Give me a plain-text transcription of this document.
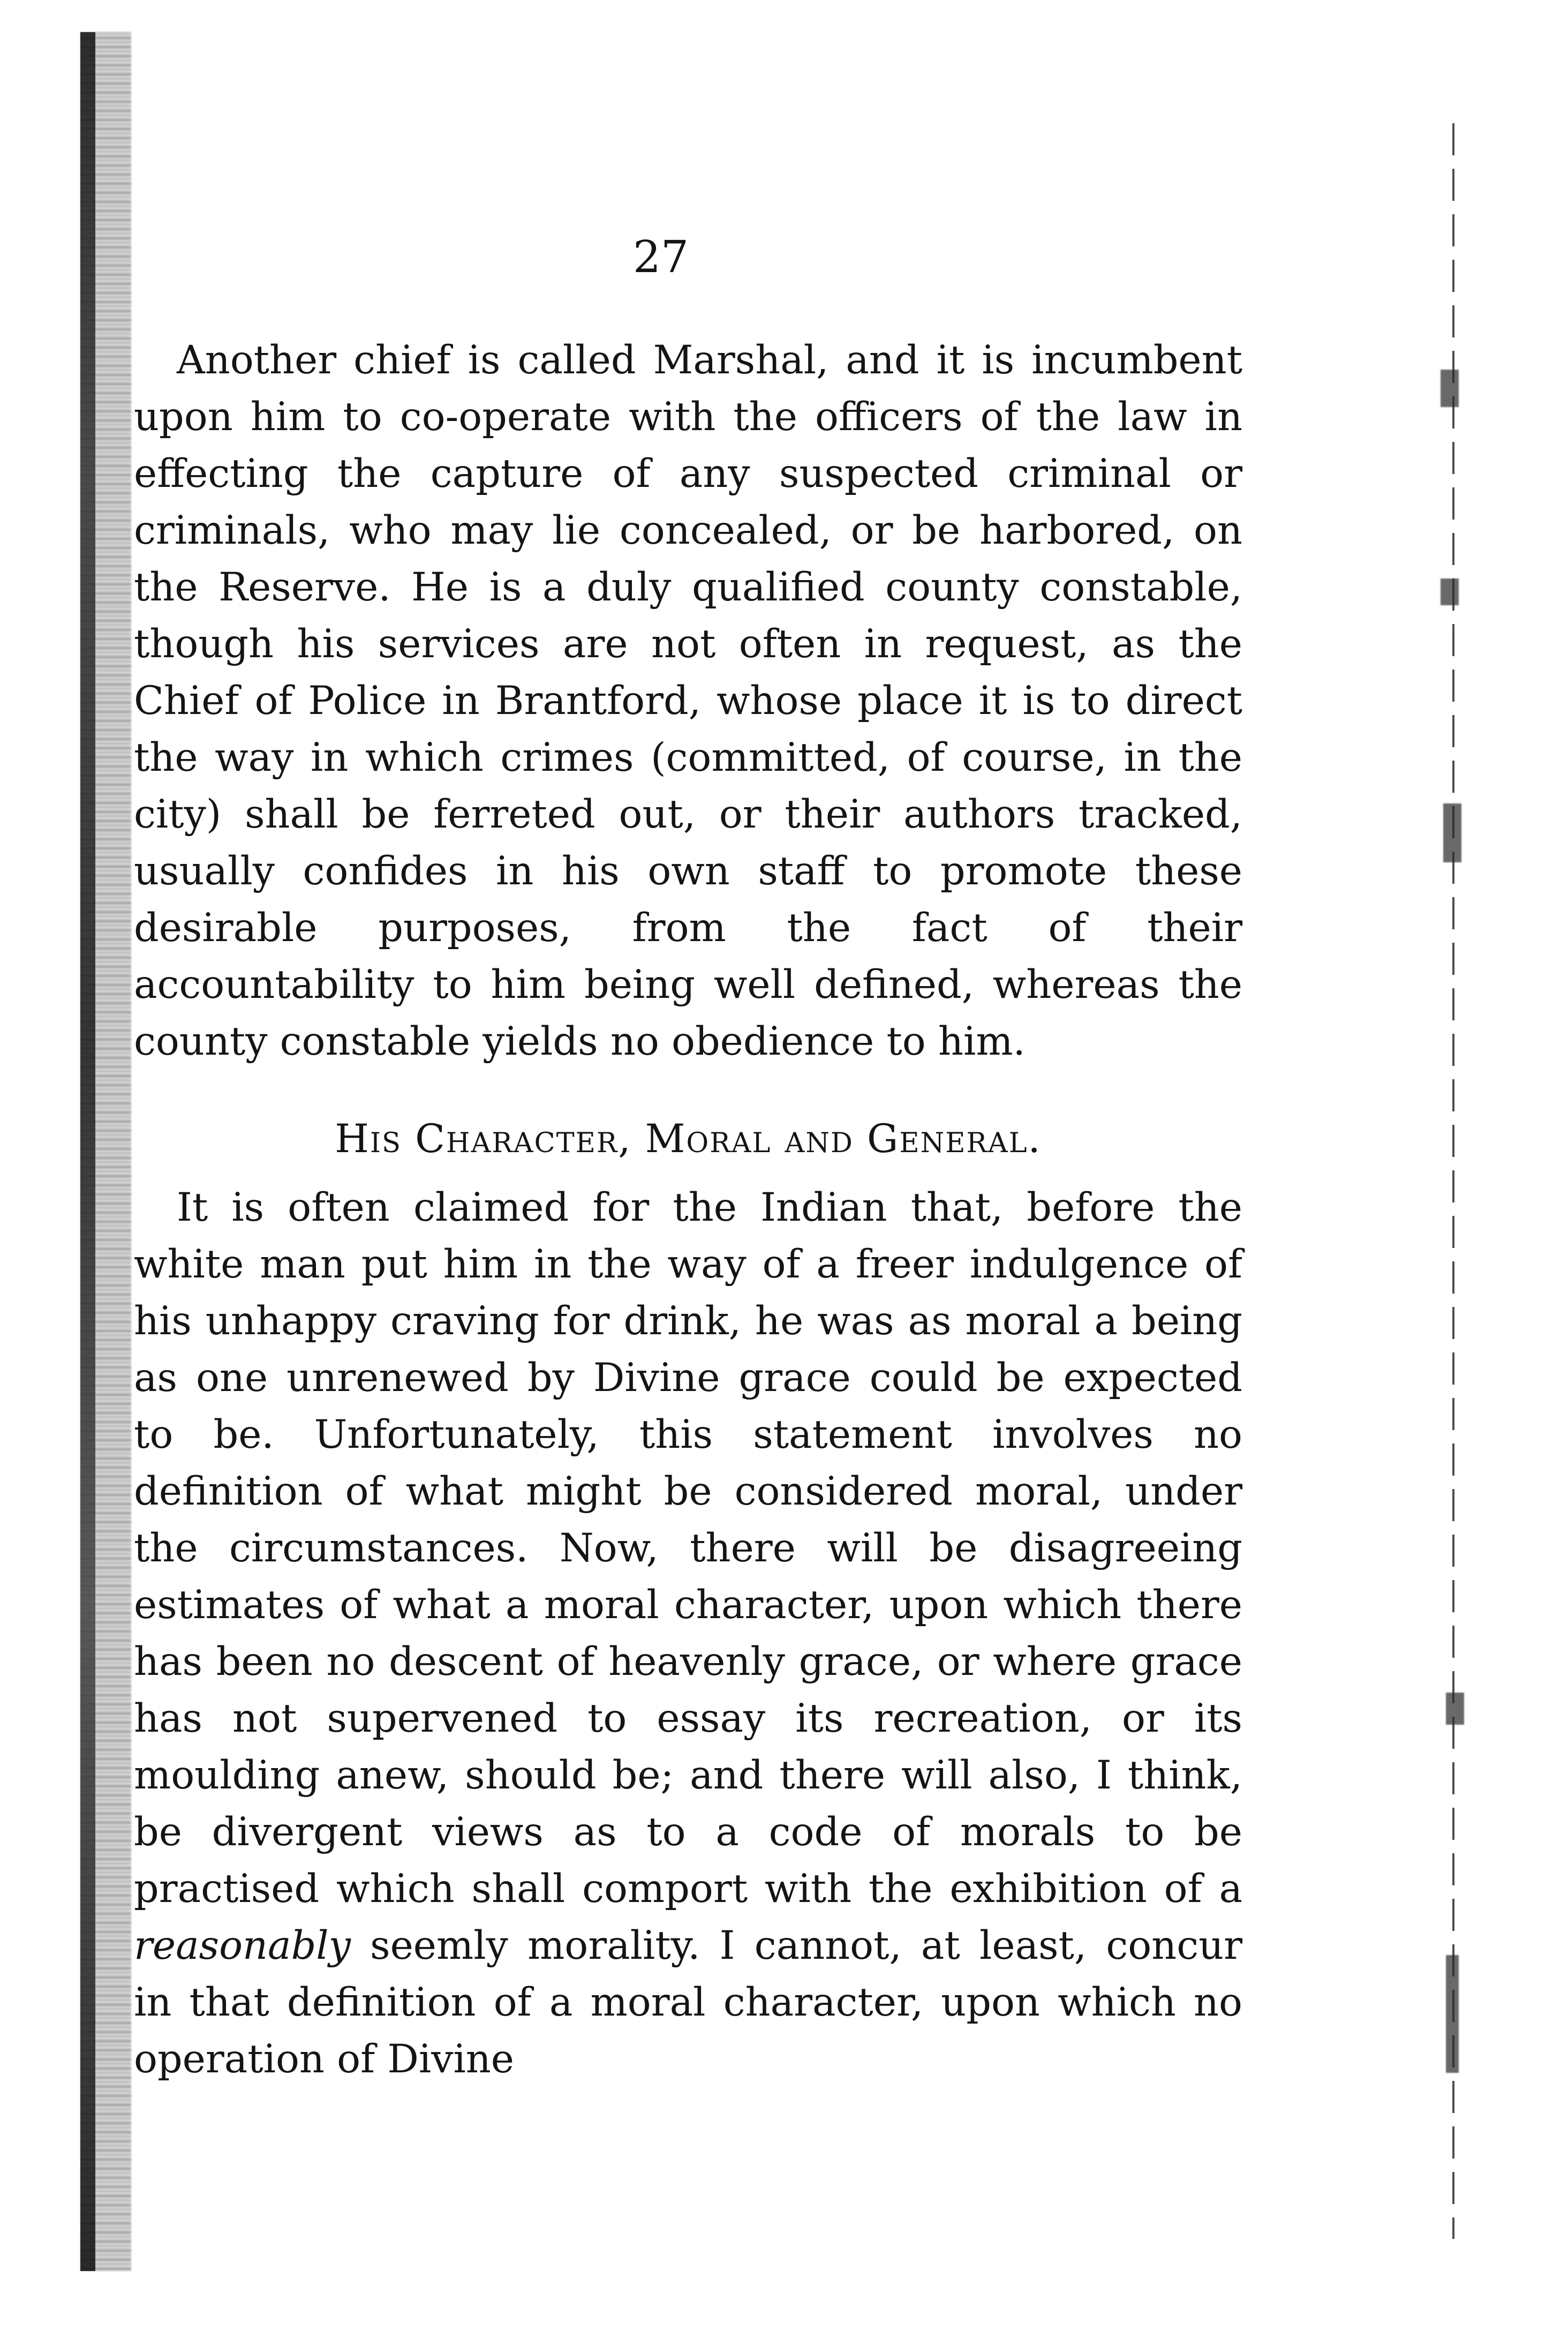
27

Another chief is called Marshal, and it is incumbent upon him to co-operate with the officers of the law in effecting the capture of any suspected criminal or criminals, who may lie concealed, or be harbored, on the Reserve. He is a duly qualified county constable, though his services are not often in request, as the Chief of Police in Brantford, whose place it is to direct the way in which crimes (committed, of course, in the city) shall be ferreted out, or their authors tracked, usually confides in his own staff to promote these desirable purposes, from the fact of their accountability to him being well defined, whereas the county constable yields no obedience to him.

His Character, Moral and General.

It is often claimed for the Indian that, before the white man put him in the way of a freer indulgence of his unhappy craving for drink, he was as moral a being as one unrenewed by Divine grace could be expected to be. Unfortunately, this statement involves no definition of what might be considered moral, under the circumstances. Now, there will be disagreeing estimates of what a moral character, upon which there has been no descent of heavenly grace, or where grace has not supervened to essay its recreation, or its moulding anew, should be; and there will also, I think, be divergent views as to a code of morals to be practised which shall comport with the exhibition of a reasonably seemly morality. I cannot, at least, concur in that definition of a moral character, upon which no operation of Divine
